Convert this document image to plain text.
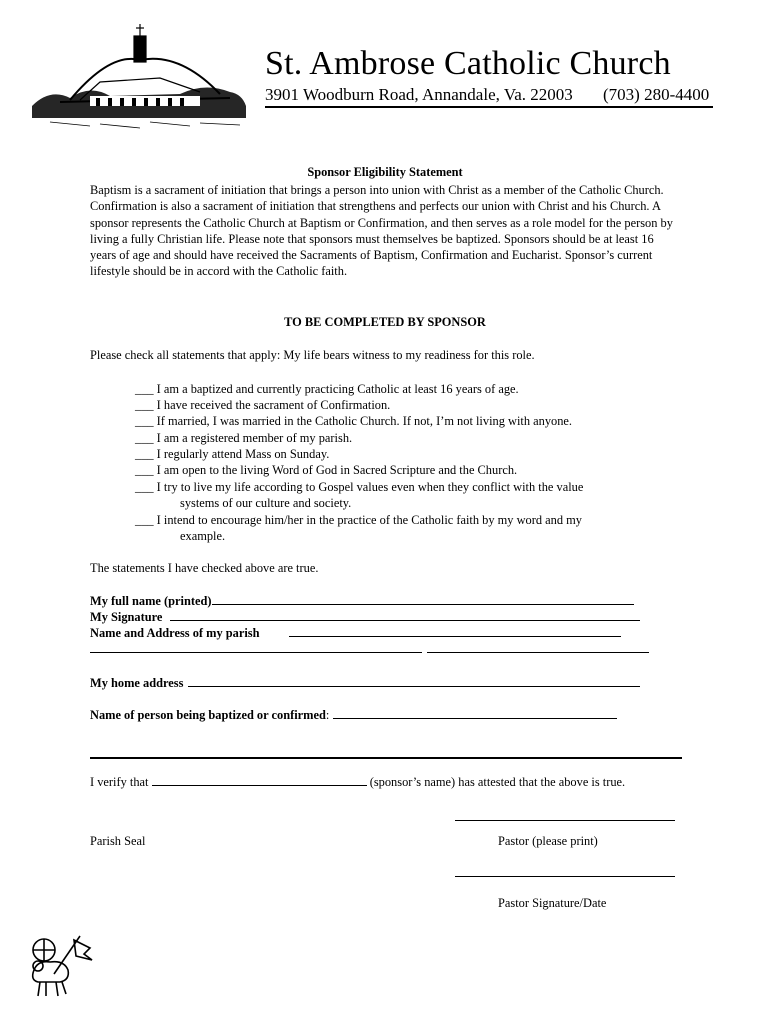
St. Ambrose Catholic Church
3901 Woodburn Road, Annandale, Va. 22003 (703) 280-4400
Sponsor Eligibility Statement

Baptism is a sacrament of initiation that brings a person into union with Christ as a member of the Catholic Church. Confirmation is also a sacrament of initiation that strengthens and perfects our union with Christ and his Church. A sponsor represents the Catholic Church at Baptism or Confirmation, and then serves as a role model for the person by living a fully Christian life. Please note that sponsors must themselves be baptized. Sponsors should be at least 16 years of age and should have received the Sacraments of Baptism, Confirmation and Eucharist. Sponsor’s current lifestyle should be in accord with the Catholic faith.

TO BE COMPLETED BY SPONSOR
Please check all statements that apply: My life bears witness to my readiness for this role.
___ I am a baptized and currently practicing Catholic at least 16 years of age.
___ I have received the sacrament of Confirmation.
___ If married, I was married in the Catholic Church. If not, I’m not living with anyone.
___ I am a registered member of my parish.
___ I regularly attend Mass on Sunday.
___ I am open to the living Word of God in Sacred Scripture and the Church.
___ I try to live my life according to Gospel values even when they conflict with the value
systems of our culture and society.
___ I intend to encourage him/her in the practice of the Catholic faith by my word and my
example.
The statements I have checked above are true.
My full name (printed)
My Signature
Name and Address of my parish
My home address
Name of person being baptized or confirmed:
I verify that	(sponsor’s name) has attested that the above is true.
Parish Seal	Pastor (please print)
Pastor Signature/Date
